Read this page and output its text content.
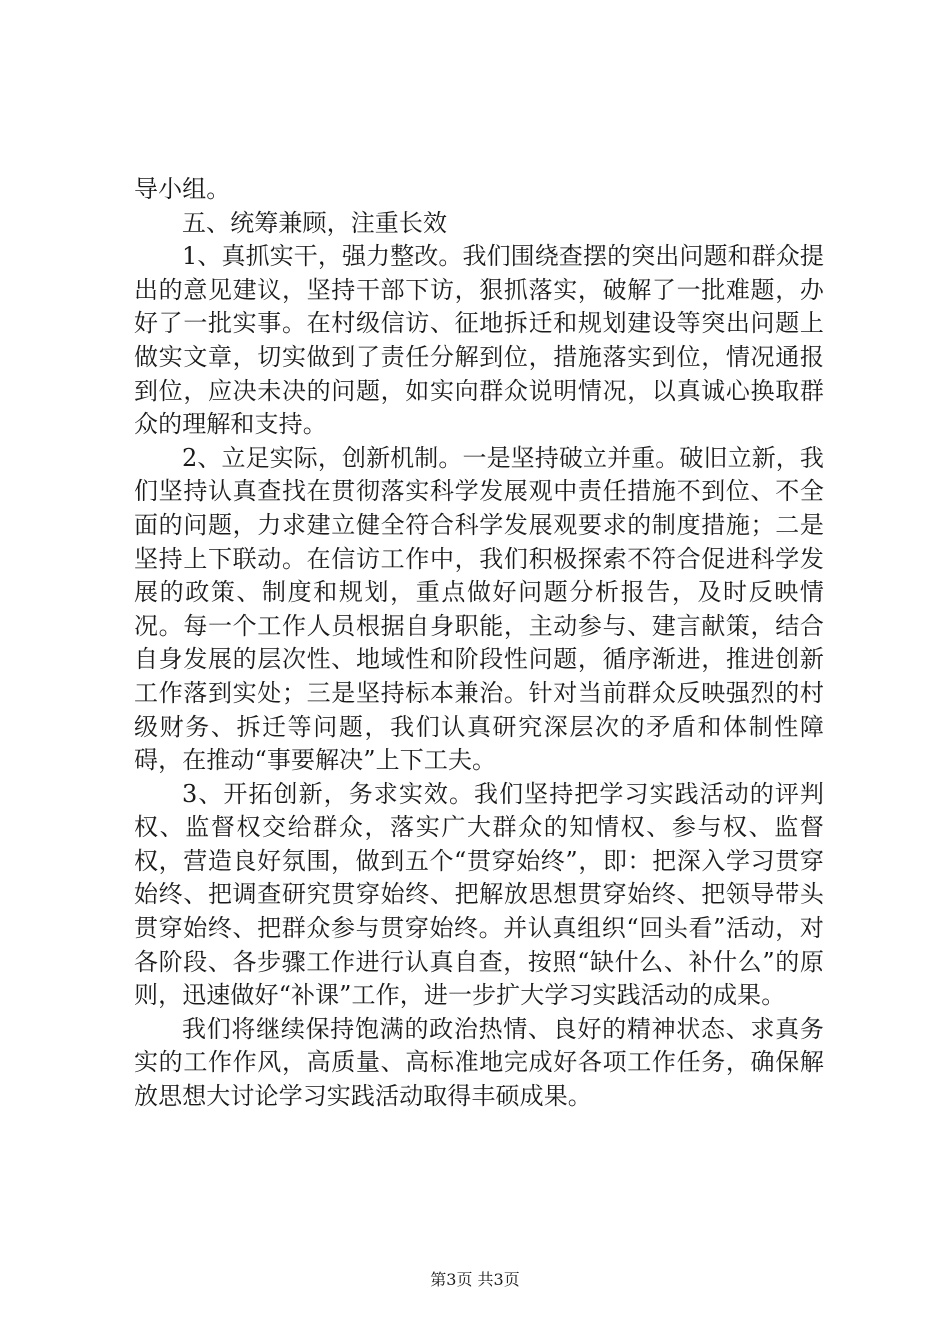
导小组。

五、统筹兼顾，注重长效

1、真抓实干，强力整改。我们围绕查摆的突出问题和群众提出的意见建议，坚持干部下访，狠抓落实，破解了一批难题，办好了一批实事。在村级信访、征地拆迁和规划建设等突出问题上做实文章，切实做到了责任分解到位，措施落实到位，情况通报到位，应决未决的问题，如实向群众说明情况，以真诚心换取群众的理解和支持。

2、立足实际，创新机制。一是坚持破立并重。破旧立新，我们坚持认真查找在贯彻落实科学发展观中责任措施不到位、不全面的问题，力求建立健全符合科学发展观要求的制度措施；二是坚持上下联动。在信访工作中，我们积极探索不符合促进科学发展的政策、制度和规划，重点做好问题分析报告，及时反映情况。每一个工作人员根据自身职能，主动参与、建言献策，结合自身发展的层次性、地域性和阶段性问题，循序渐进，推进创新工作落到实处；三是坚持标本兼治。针对当前群众反映强烈的村级财务、拆迁等问题，我们认真研究深层次的矛盾和体制性障碍，在推动“事要解决”上下工夫。

3、开拓创新，务求实效。我们坚持把学习实践活动的评判权、监督权交给群众，落实广大群众的知情权、参与权、监督权，营造良好氛围，做到五个“贯穿始终”，即：把深入学习贯穿始终、把调查研究贯穿始终、把解放思想贯穿始终、把领导带头贯穿始终、把群众参与贯穿始终。并认真组织“回头看”活动，对各阶段、各步骤工作进行认真自查，按照“缺什么、补什么”的原则，迅速做好“补课”工作，进一步扩大学习实践活动的成果。

我们将继续保持饱满的政治热情、良好的精神状态、求真务实的工作作风，高质量、高标准地完成好各项工作任务，确保解放思想大讨论学习实践活动取得丰硕成果。

第3页 共3页
